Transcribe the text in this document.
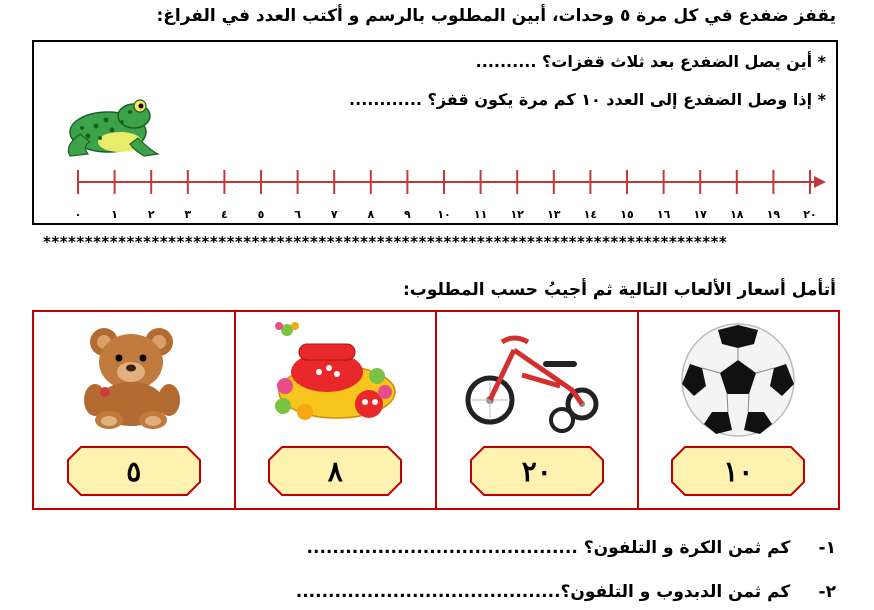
يقفز ضفدع في كل مرة ٥ وحدات، أبين المطلوب بالرسم و أكتب العدد في الفراغ:
* أين يصل الضفدع بعد ثلاث قفزات؟ ..........
* إذا وصل الضفدع إلى العدد ١٠ كم مرة يكون قفز؟ ............
٠	١	٢	٣	٤	٥	٦	٧	٨	٩ ١٠ ١١ ١٢ ١٣ ١٤ ١٥ ١٦ ١٧ ١٨ ١٩ ٢٠
**********************************************************************************
أتأمل أسعار الألعاب التالية ثم أجيبُ حسب المطلوب:
٥	٨	٢٠	١٠
١-    كم ثمن الكرة و التلفون؟ ..........................................
٢-    كم ثمن الدبدوب و التلفون؟.........................................
